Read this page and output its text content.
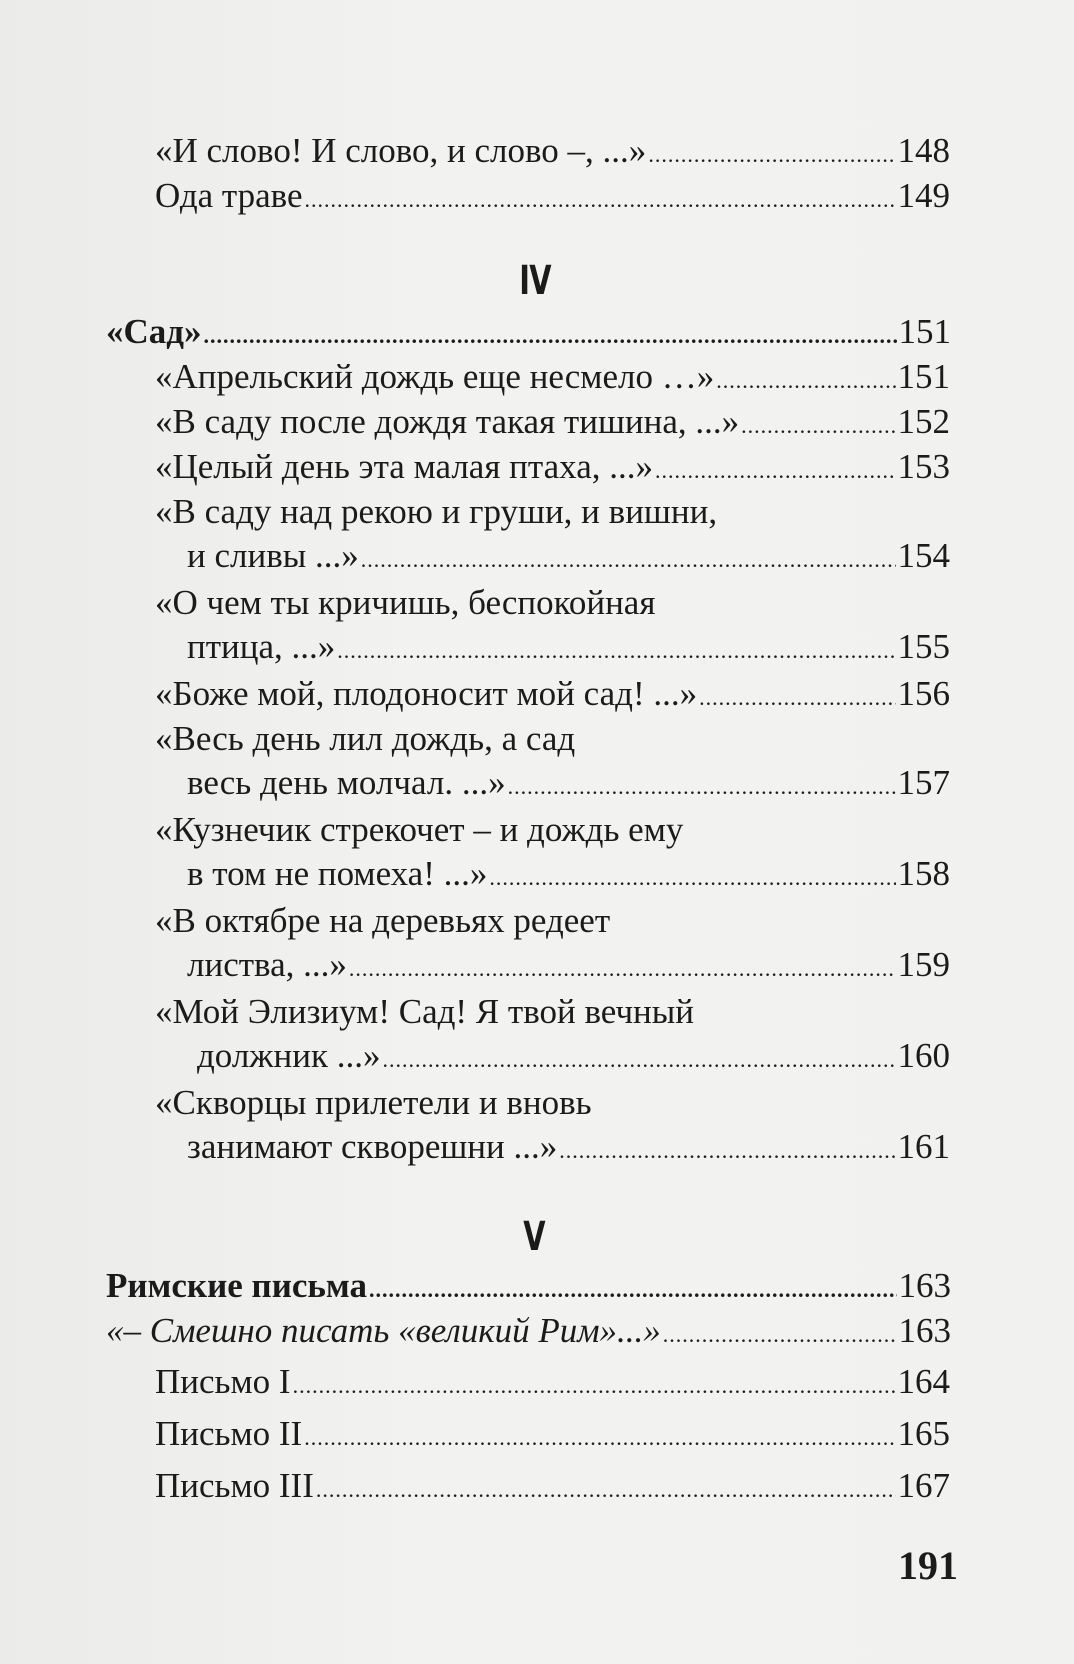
«И слово! И слово, и слово –, ...» .....	148
Ода траве .....	149
IV
«Сад» .....	151
«Апрельский дождь еще несмело …» .....	151
«В саду после дождя такая тишина, ...» .....	152
«Целый день эта малая птаха, ...» .....	153
«В саду над рекою и груши, и вишни,
и сливы ...» .....	154
«О чем ты кричишь, беспокойная
птица, ...» .....	155
«Боже мой, плодоносит мой сад! ...» .....	156
«Весь день лил дождь, а сад
весь день молчал. ...» .....	157
«Кузнечик стрекочет – и дождь ему
в том не помеха! ...» .....	158
«В октябре на деревьях редеет
листва, ...» .....	159
«Мой Элизиум! Сад! Я твой вечный
должник ...» .....	160
«Скворцы прилетели и вновь
занимают скворешни ...» .....	161
V
Римские письма .....	163
«– Смешно писать «великий Рим»...» .....	163
Письмо I .....	164
Письмо II .....	165
Письмо III .....	167
191
